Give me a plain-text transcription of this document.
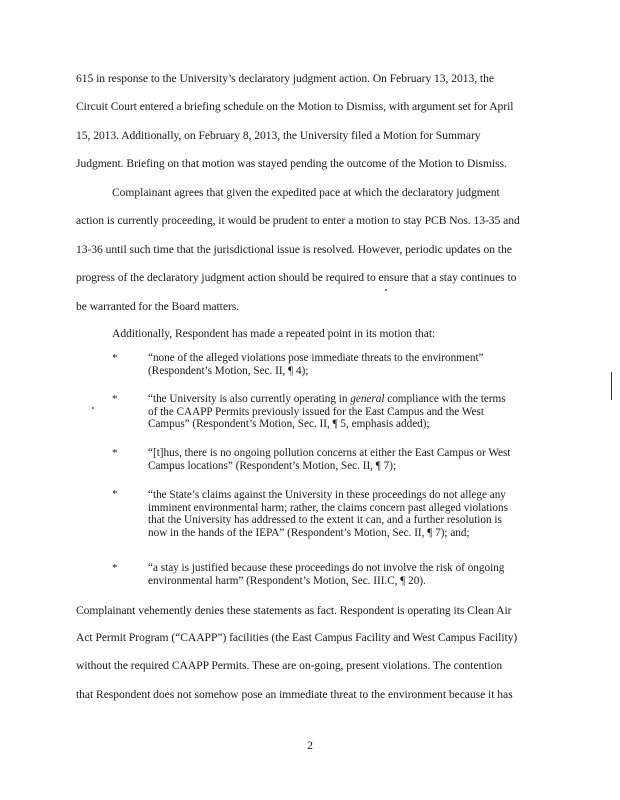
615 in response to the University’s declaratory judgment action. On February 13, 2013, the
Circuit Court entered a briefing schedule on the Motion to Dismiss, with argument set for April
15, 2013. Additionally, on February 8, 2013, the University filed a Motion for Summary
Judgment. Briefing on that motion was stayed pending the outcome of the Motion to Dismiss.
Complainant agrees that given the expedited pace at which the declaratory judgment
action is currently proceeding, it would be prudent to enter a motion to stay PCB Nos. 13-35 and
13-36 until such time that the jurisdictional issue is resolved. However, periodic updates on the
progress of the declaratory judgment action should be required to ensure that a stay continues to
be warranted for the Board matters.
Additionally, Respondent has made a repeated point in its motion that:
*	“none of the alleged violations pose immediate threats to the environment”
(Respondent’s Motion, Sec. II, ¶ 4);
*	“the University is also currently operating in general compliance with the terms
of the CAAPP Permits previously issued for the East Campus and the West
Campus” (Respondent’s Motion, Sec. II, ¶ 5, emphasis added);
*	“[t]hus, there is no ongoing pollution concerns at either the East Campus or West
Campus locations” (Respondent’s Motion, Sec. II, ¶ 7);
*	“the State’s claims against the University in these proceedings do not allege any
imminent environmental harm; rather, the claims concern past alleged violations
that the University has addressed to the extent it can, and a further resolution is
now in the hands of the IEPA” (Respondent’s Motion, Sec. II, ¶ 7); and;
*	“a stay is justified because these proceedings do not involve the risk of ongoing
environmental harm” (Respondent’s Motion, Sec. III.C, ¶ 20).
Complainant vehemently denies these statements as fact. Respondent is operating its Clean Air
Act Permit Program (“CAAPP”) facilities (the East Campus Facility and West Campus Facility)
without the required CAAPP Permits. These are on-going, present violations. The contention
that Respondent does not somehow pose an immediate threat to the environment because it has
2
